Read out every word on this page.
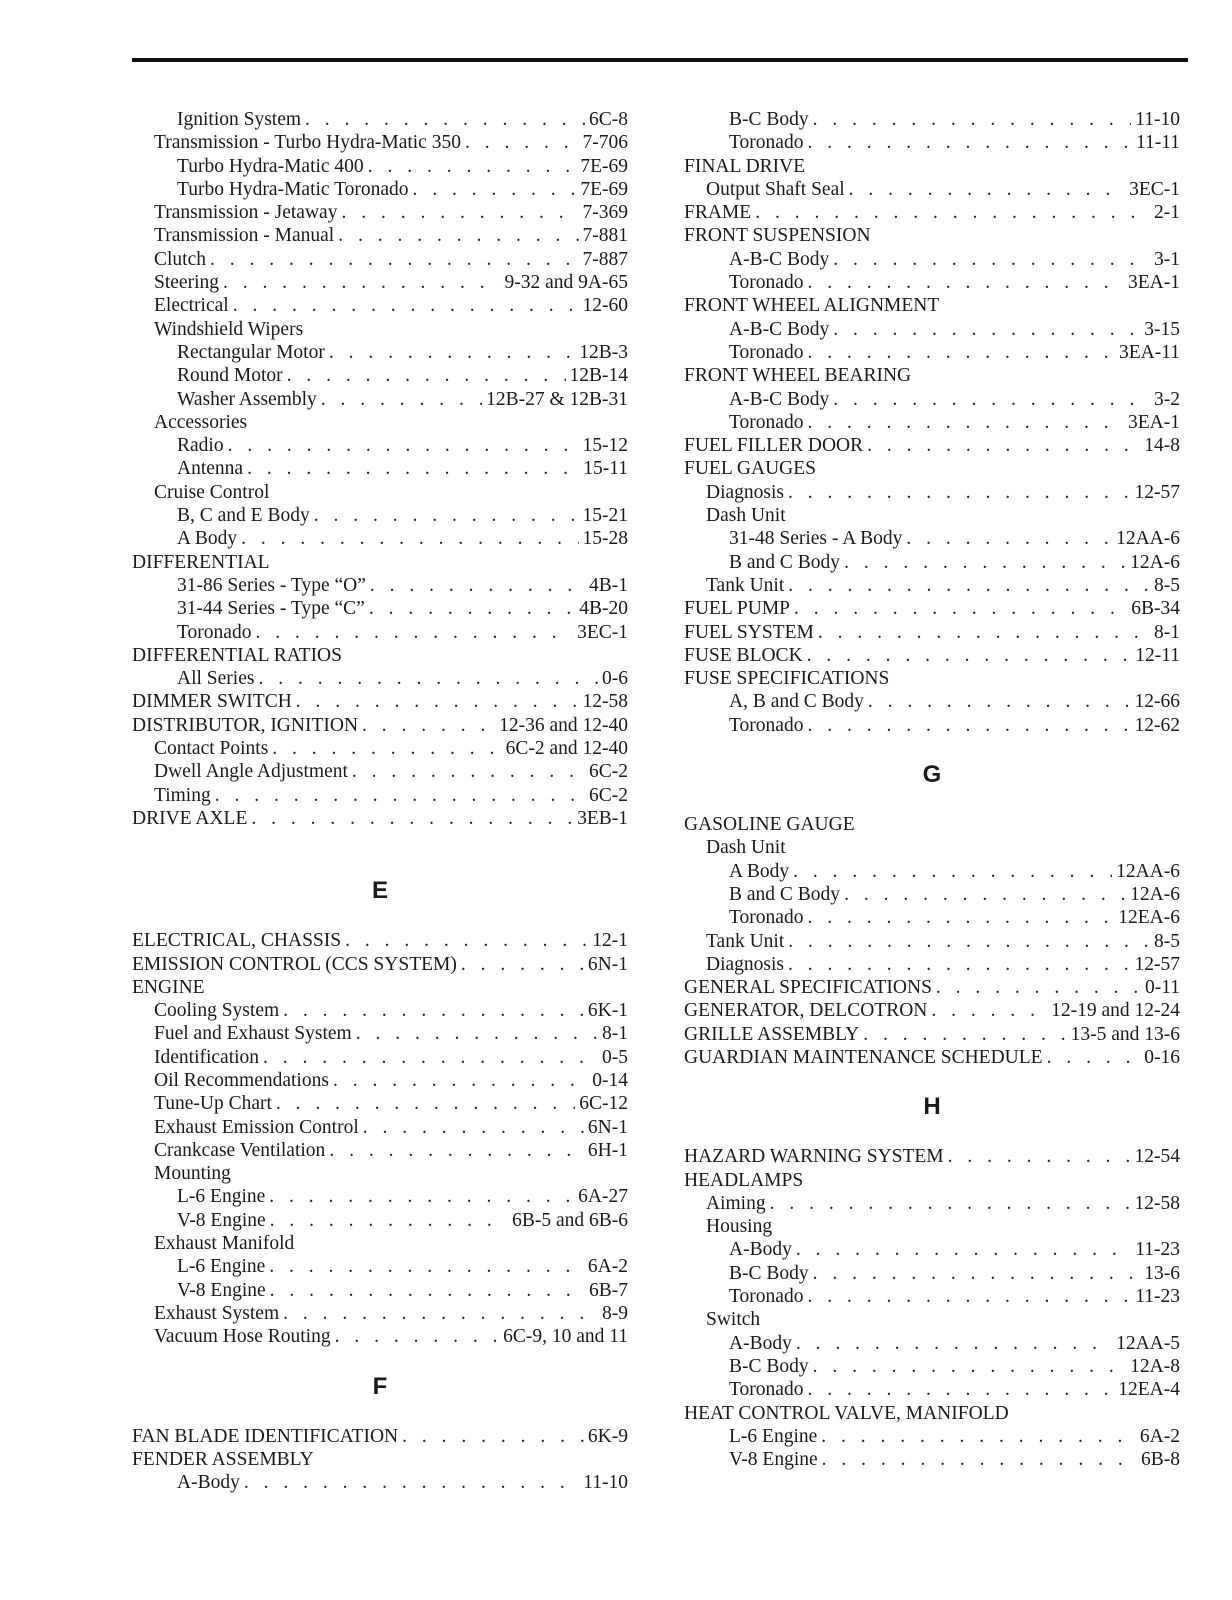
Ignition System . . .	6C-8
Transmission - Turbo Hydra-Matic 350 . . .	7-706
Turbo Hydra-Matic 400 . . .	7E-69
Turbo Hydra-Matic Toronado . . .	7E-69
Transmission - Jetaway . . .	7-369
Transmission - Manual . . .	7-881
Clutch . . .	7-887
Steering . . .	9-32 and 9A-65
Electrical . . .	12-60
Windshield Wipers
Rectangular Motor . . .	12B-3
Round Motor . . .	12B-14
Washer Assembly . . .	12B-27 & 12B-31
Accessories
Radio . . .	15-12
Antenna . . .	15-11
Cruise Control
B, C and E Body . . .	15-21
A Body . . .	15-28
DIFFERENTIAL
31-86 Series - Type “O” . . .	4B-1
31-44 Series - Type “C” . . .	4B-20
Toronado . . .	3EC-1
DIFFERENTIAL RATIOS
All Series . . .	0-6
DIMMER SWITCH . . .	12-58
DISTRIBUTOR, IGNITION . . .	12-36 and 12-40
Contact Points . . .	6C-2 and 12-40
Dwell Angle Adjustment . . .	6C-2
Timing . . .	6C-2
DRIVE AXLE . . .	3EB-1
E
ELECTRICAL, CHASSIS . . .	12-1
EMISSION CONTROL (CCS SYSTEM) . . .	6N-1
ENGINE
Cooling System . . .	6K-1
Fuel and Exhaust System . . .	8-1
Identification . . .	0-5
Oil Recommendations . . .	0-14
Tune-Up Chart . . .	6C-12
Exhaust Emission Control . . .	6N-1
Crankcase Ventilation . . .	6H-1
Mounting
L-6 Engine . . .	6A-27
V-8 Engine . . .	6B-5 and 6B-6
Exhaust Manifold
L-6 Engine . . .	6A-2
V-8 Engine . . .	6B-7
Exhaust System . . .	8-9
Vacuum Hose Routing . . .	6C-9, 10 and 11
F
FAN BLADE IDENTIFICATION . . .	6K-9
FENDER ASSEMBLY
A-Body . . .	11-10
B-C Body . . .	11-10
Toronado . . .	11-11
FINAL DRIVE
Output Shaft Seal . . .	3EC-1
FRAME . . .	2-1
FRONT SUSPENSION
A-B-C Body . . .	3-1
Toronado . . .	3EA-1
FRONT WHEEL ALIGNMENT
A-B-C Body . . .	3-15
Toronado . . .	3EA-11
FRONT WHEEL BEARING
A-B-C Body . . .	3-2
Toronado . . .	3EA-1
FUEL FILLER DOOR . . .	14-8
FUEL GAUGES
Diagnosis . . .	12-57
Dash Unit
31-48 Series - A Body . . .	12AA-6
B and C Body . . .	12A-6
Tank Unit . . .	8-5
FUEL PUMP . . .	6B-34
FUEL SYSTEM . . .	8-1
FUSE BLOCK . . .	12-11
FUSE SPECIFICATIONS
A, B and C Body . . .	12-66
Toronado . . .	12-62
G
GASOLINE GAUGE
Dash Unit
A Body . . .	12AA-6
B and C Body . . .	12A-6
Toronado . . .	12EA-6
Tank Unit . . .	8-5
Diagnosis . . .	12-57
GENERAL SPECIFICATIONS . . .	0-11
GENERATOR, DELCOTRON . . .	12-19 and 12-24
GRILLE ASSEMBLY . . .	13-5 and 13-6
GUARDIAN MAINTENANCE SCHEDULE . . .	0-16
H
HAZARD WARNING SYSTEM . . .	12-54
HEADLAMPS
Aiming . . .	12-58
Housing
A-Body . . .	11-23
B-C Body . . .	13-6
Toronado . . .	11-23
Switch
A-Body . . .	12AA-5
B-C Body . . .	12A-8
Toronado . . .	12EA-4
HEAT CONTROL VALVE, MANIFOLD
L-6 Engine . . .	6A-2
V-8 Engine . . .	6B-8
